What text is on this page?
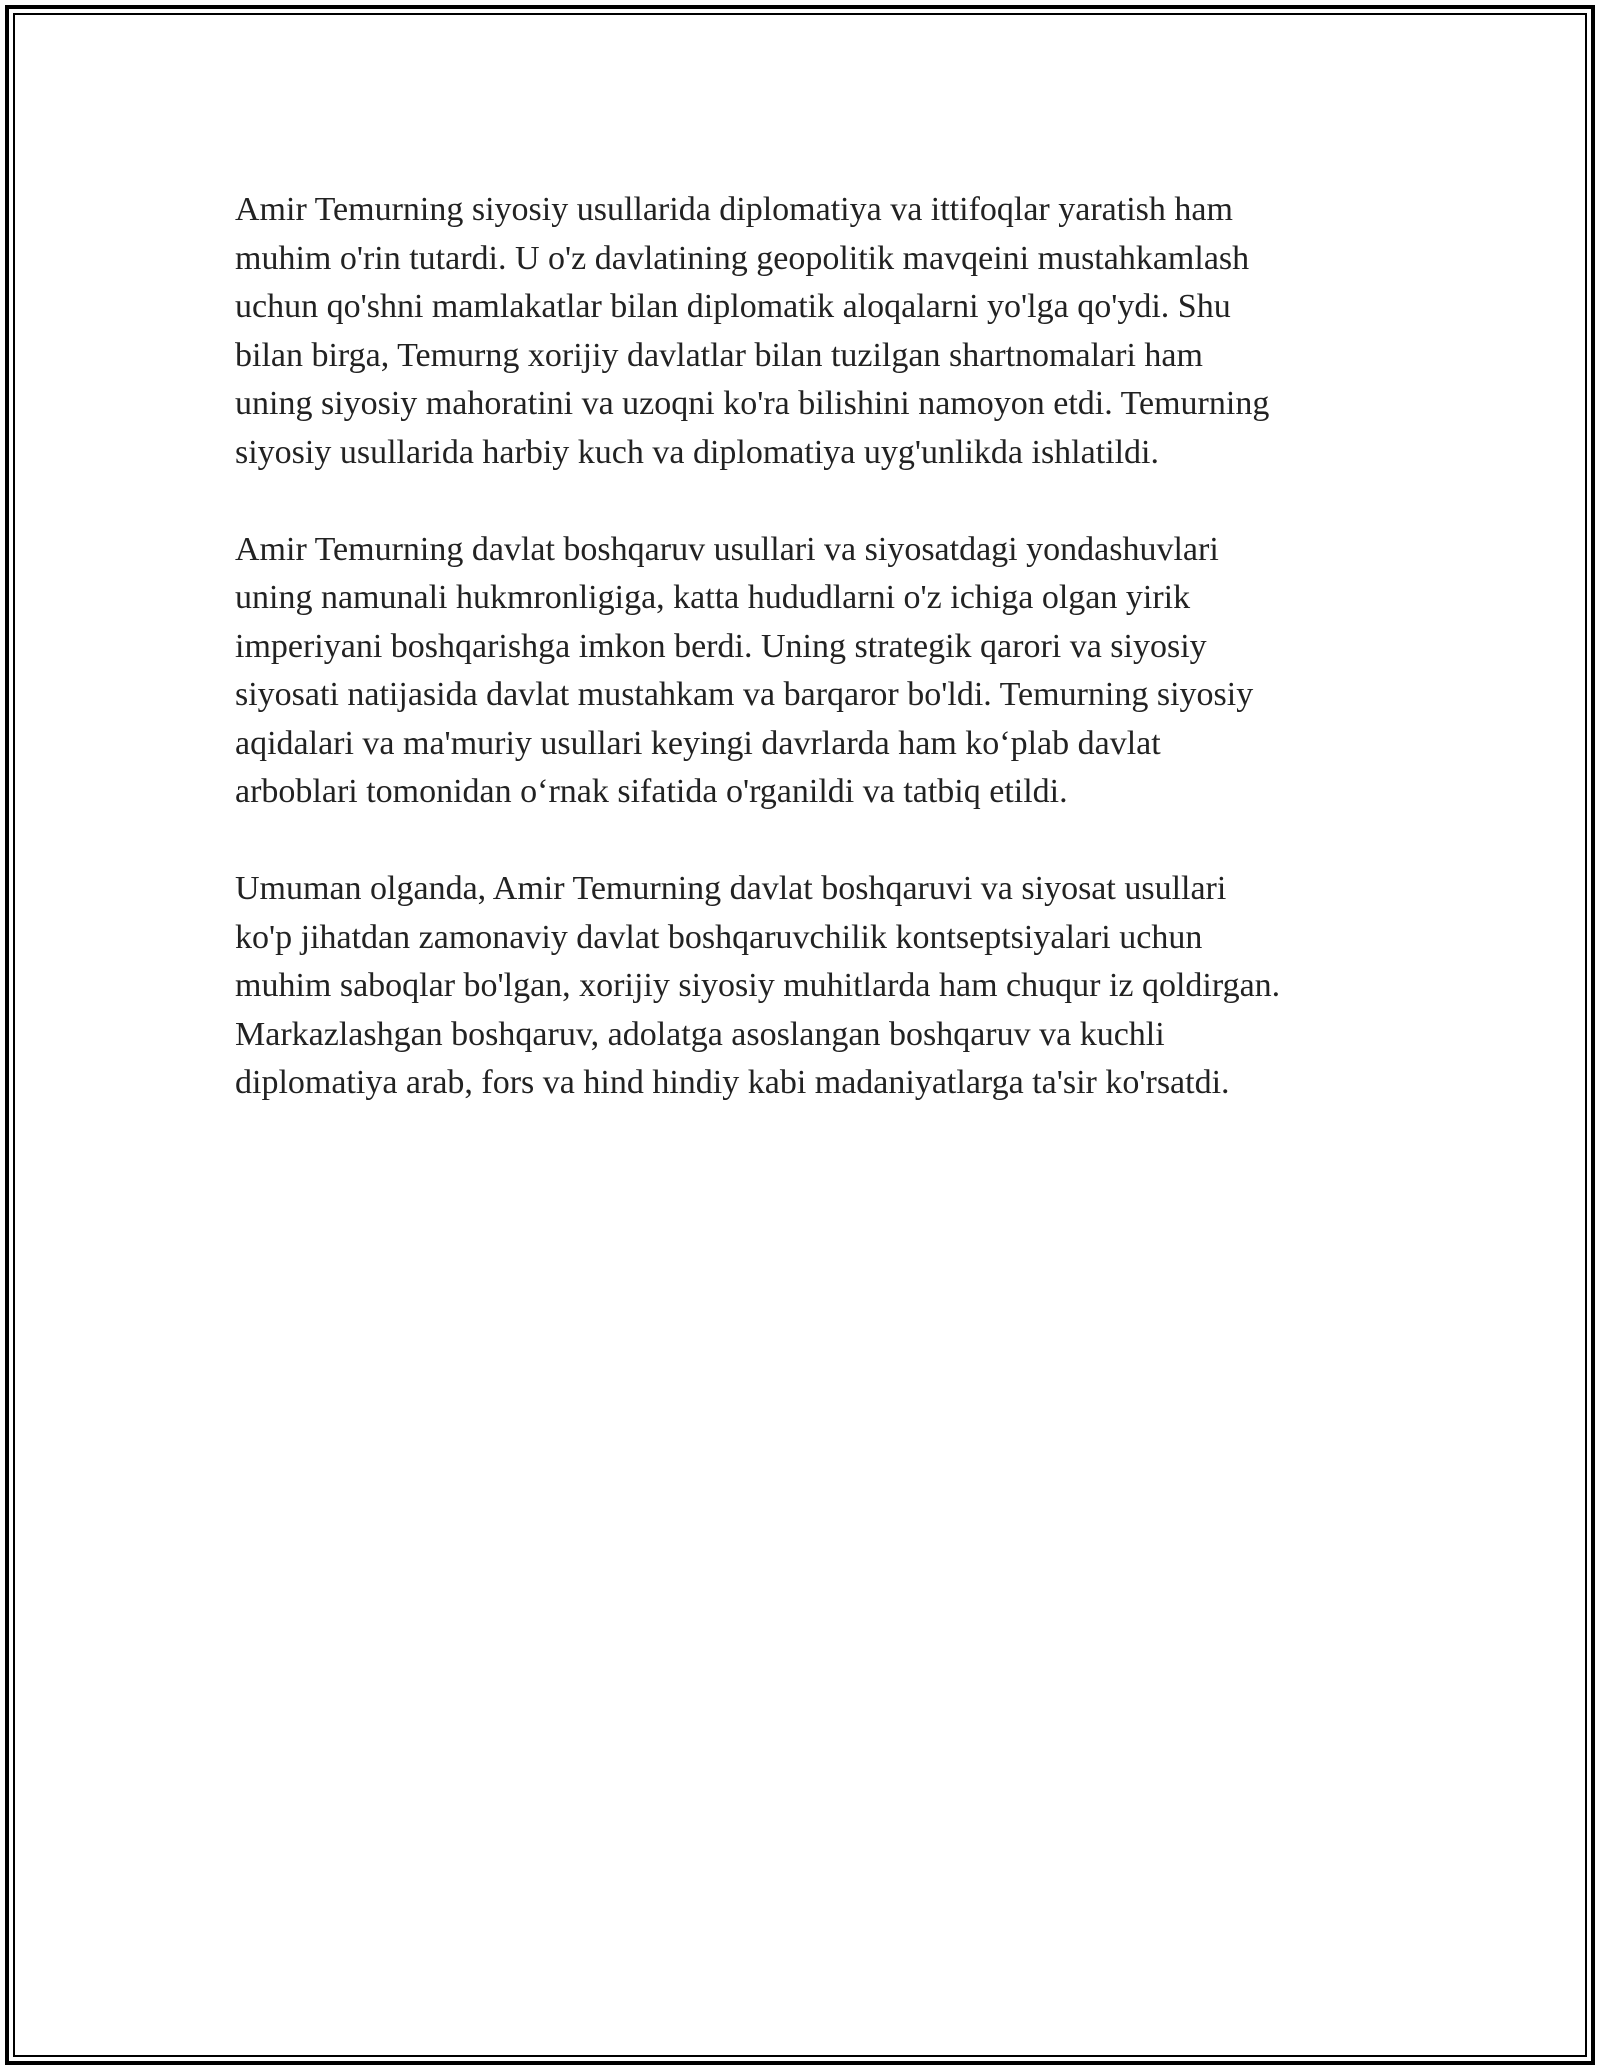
Amir Temurning siyosiy usullarida diplomatiya va ittifoqlar yaratish ham
muhim o'rin tutardi. U o'z davlatining geopolitik mavqeini mustahkamlash
uchun qo'shni mamlakatlar bilan diplomatik aloqalarni yo'lga qo'ydi. Shu
bilan birga, Temurng xorijiy davlatlar bilan tuzilgan shartnomalari ham
uning siyosiy mahoratini va uzoqni ko'ra bilishini namoyon etdi. Temurning
siyosiy usullarida harbiy kuch va diplomatiya uyg'unlikda ishlatildi.

Amir Temurning davlat boshqaruv usullari va siyosatdagi yondashuvlari
uning namunali hukmronligiga, katta hududlarni o'z ichiga olgan yirik
imperiyani boshqarishga imkon berdi. Uning strategik qarori va siyosiy
siyosati natijasida davlat mustahkam va barqaror bo'ldi. Temurning siyosiy
aqidalari va ma'muriy usullari keyingi davrlarda ham ko‘plab davlat
arboblari tomonidan o‘rnak sifatida o'rganildi va tatbiq etildi.

Umuman olganda, Amir Temurning davlat boshqaruvi va siyosat usullari
ko'p jihatdan zamonaviy davlat boshqaruvchilik kontseptsiyalari uchun
muhim saboqlar bo'lgan, xorijiy siyosiy muhitlarda ham chuqur iz qoldirgan.
Markazlashgan boshqaruv, adolatga asoslangan boshqaruv va kuchli
diplomatiya arab, fors va hind hindiy kabi madaniyatlarga ta'sir ko'rsatdi.
